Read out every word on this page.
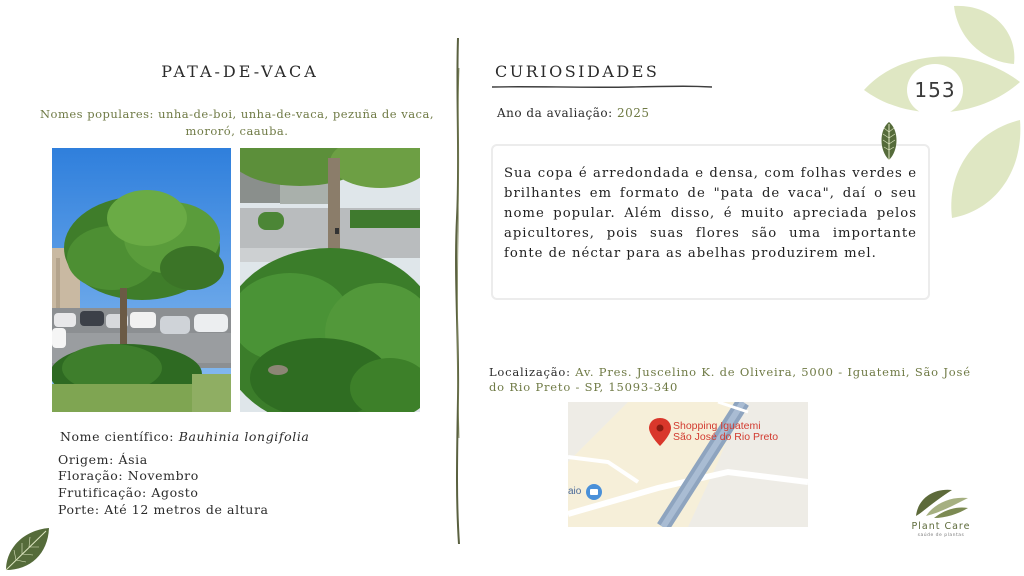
PATA-DE-VACA
Nomes populares: unha-de-boi, unha-de-vaca, pezuña de vaca, mororó, caauba.
Nome científico: Bauhinia longifolia
Origem: Ásia
Floração: Novembro
Frutificação: Agosto
Porte: Até 12 metros de altura
CURIOSIDADES
Ano da avaliação: 2025

Sua copa é arredondada e densa, com folhas verdes e brilhantes em formato de "pata de vaca", daí o seu nome popular. Além disso, é muito apreciada pelos apicultores, pois suas flores são uma importante fonte de néctar para as abelhas produzirem mel.

Localização: Av. Pres. Juscelino K. de Oliveira, 5000 - Iguatemi, São José do Rio Preto - SP, 15093-340
Shopping Iguatemi
São José do Rio Preto
aio
153
Plant Care
saúde de plantas
